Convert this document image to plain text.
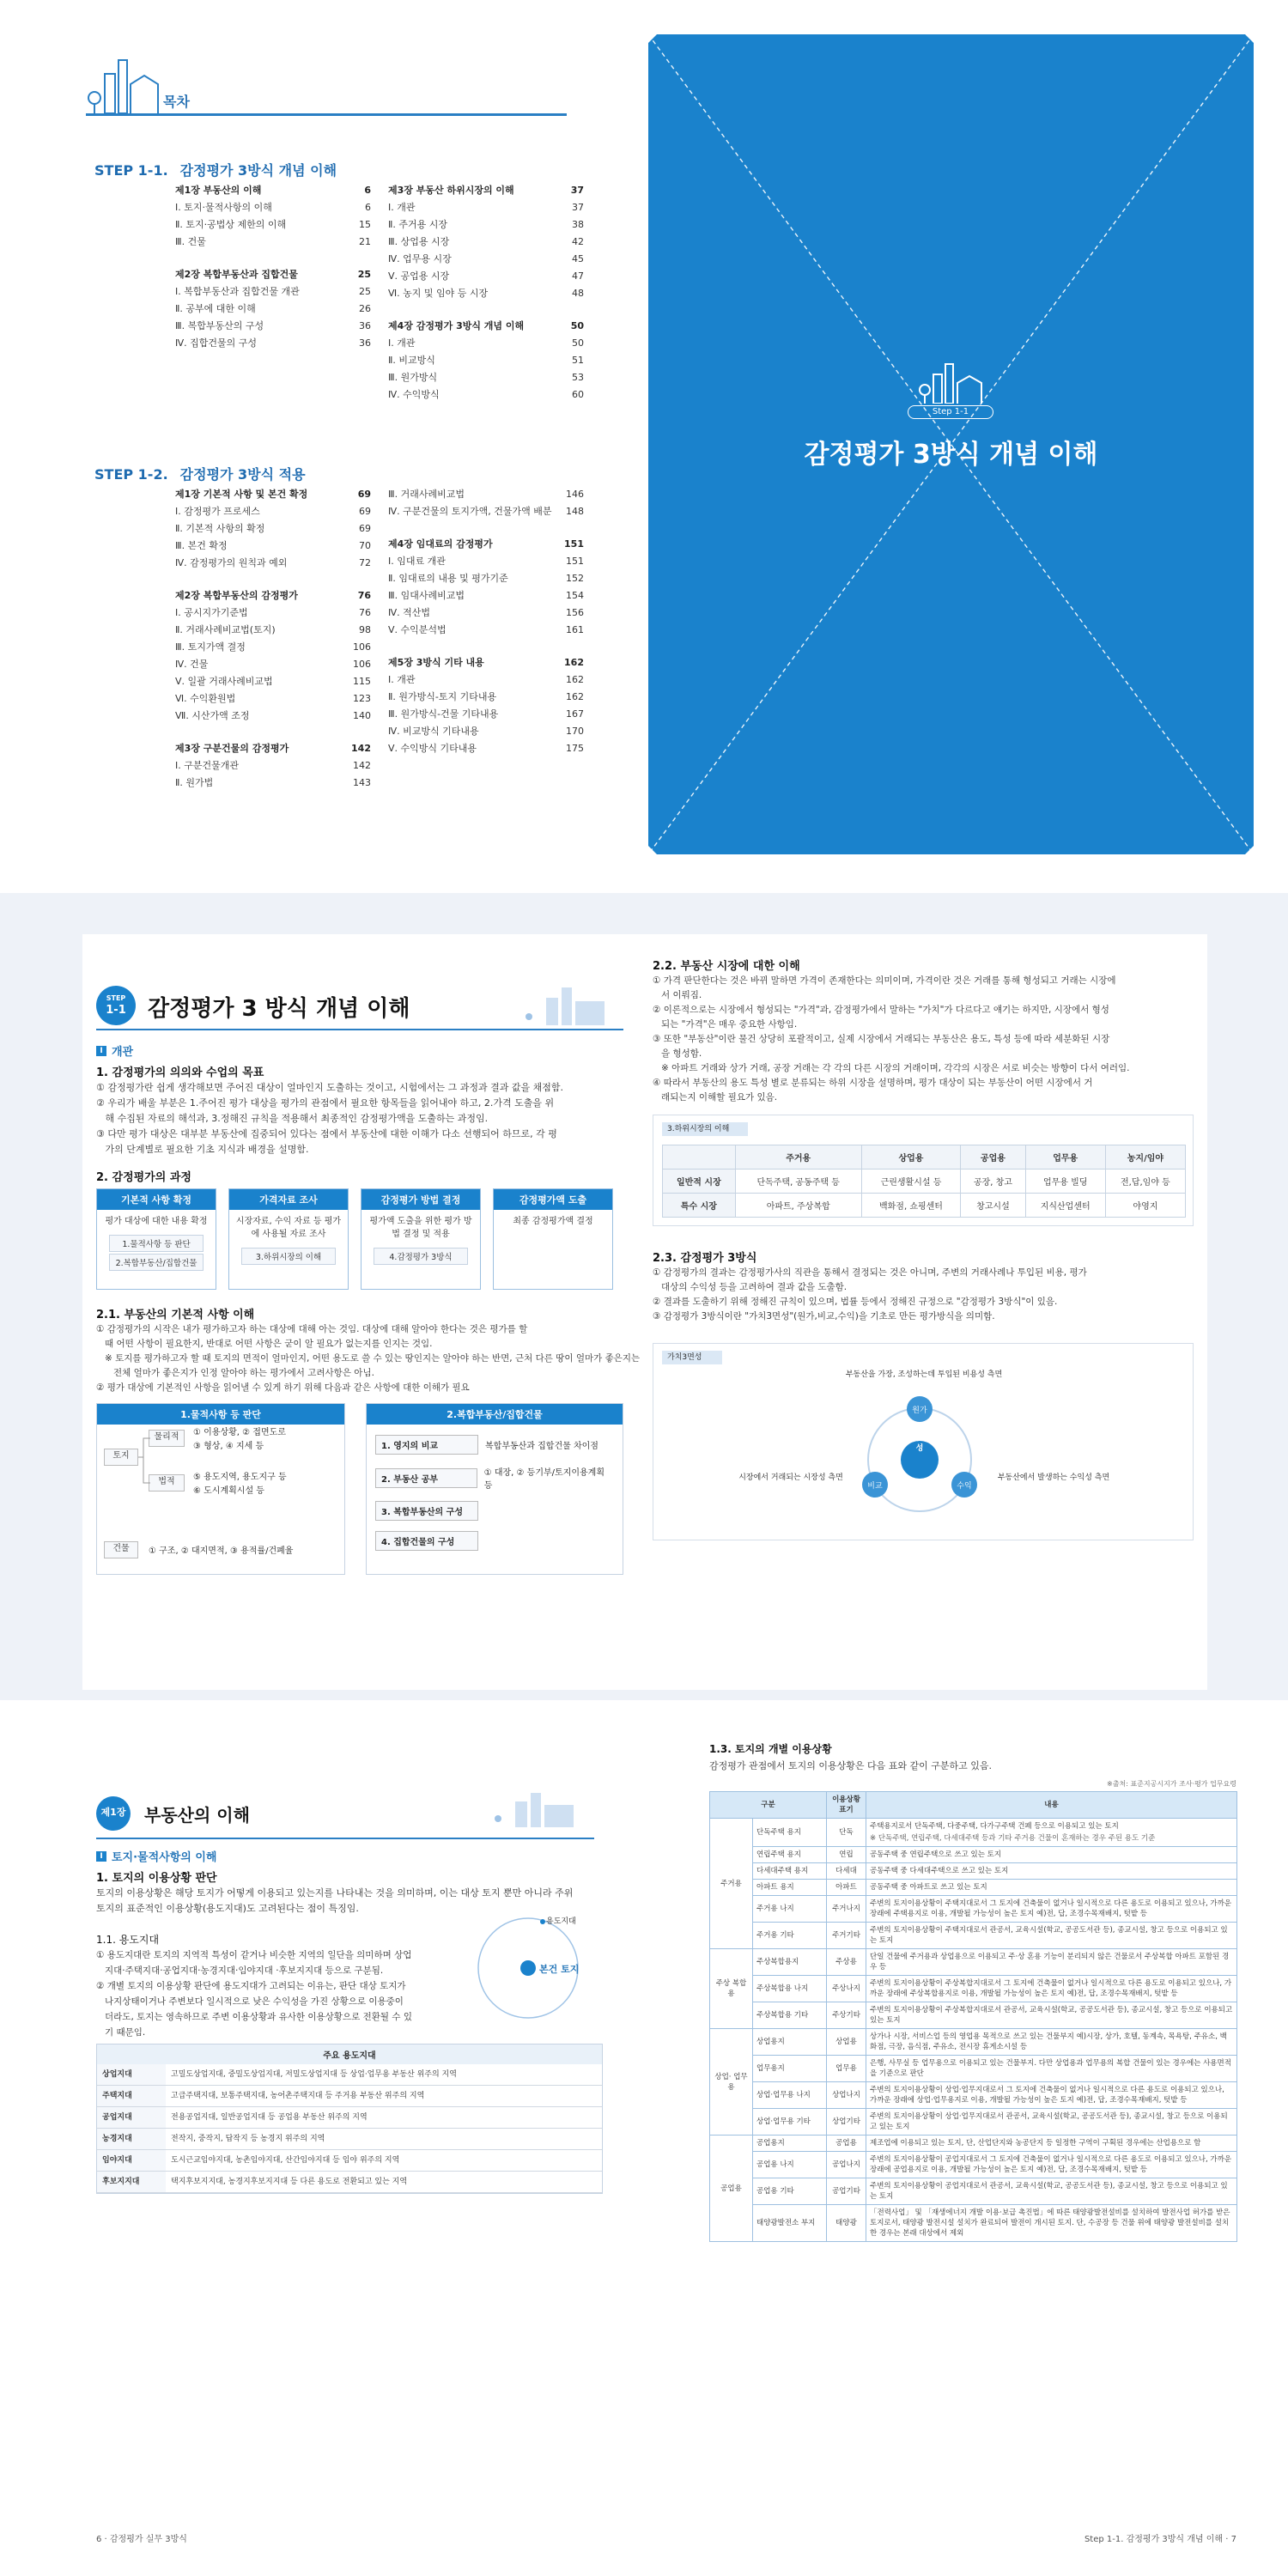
목차
STEP 1-1. 감정평가 3방식 개념 이해
제1장 부동산의 이해	6
Ⅰ. 토지·물적사항의 이해	6
Ⅱ. 토지·공법상 제한의 이해	15
Ⅲ. 건물	21
제2장 복합부동산과 집합건물	25
Ⅰ. 복합부동산과 집합건물 개관	25
Ⅱ. 공부에 대한 이해	26
Ⅲ. 복합부동산의 구성	36
Ⅳ. 집합건물의 구성	36
제3장 부동산 하위시장의 이해	37
Ⅰ. 개관	37
Ⅱ. 주거용 시장	38
Ⅲ. 상업용 시장	42
Ⅳ. 업무용 시장	45
Ⅴ. 공업용 시장	47
Ⅵ. 농지 및 임야 등 시장	48
제4장 감정평가 3방식 개념 이해	50
Ⅰ. 개관	50
Ⅱ. 비교방식	51
Ⅲ. 원가방식	53
Ⅳ. 수익방식	60
STEP 1-2. 감정평가 3방식 적용
제1장 기본적 사항 및 본건 확정	69
Ⅰ. 감정평가 프로세스	69
Ⅱ. 기본적 사항의 확정	69
Ⅲ. 본건 확정	70
Ⅳ. 감정평가의 원칙과 예외	72
제2장 복합부동산의 감정평가	76
Ⅰ. 공시지가기준법	76
Ⅱ. 거래사례비교법(토지)	98
Ⅲ. 토지가액 결정	106
Ⅳ. 건물	106
Ⅴ. 일괄 거래사례비교법	115
Ⅵ. 수익환원법	123
Ⅶ. 시산가액 조정	140
제3장 구분건물의 감정평가	142
Ⅰ. 구분건물개관	142
Ⅱ. 원가법	143
Ⅲ. 거래사례비교법	146
Ⅳ. 구분건물의 토지가액, 건물가액 배분 148
제4장 임대료의 감정평가	151
Ⅰ. 임대료 개관	151
Ⅱ. 임대료의 내용 및 평가기준	152
Ⅲ. 임대사례비교법	154
Ⅳ. 적산법	156
Ⅴ. 수익분석법	161
제5장 3방식 기타 내용	162
Ⅰ. 개관	162
Ⅱ. 원가방식-토지 기타내용	162
Ⅲ. 원가방식-건물 기타내용	167
Ⅳ. 비교방식 기타내용	170
Ⅴ. 수익방식 기타내용	175
Step 1-1
감정평가 3방식 개념 이해
STEP
1-1 감정평가 3 방식 개념 이해
I 개관
1. 감정평가의 의의와 수업의 목표

① 감정평가란 쉽게 생각해보면 주어진 대상이 얼마인지 도출하는 것이고, 시험에서는 그 과정과 결과 값을 채점함.

② 우리가 배울 부분은 1.주어진 평가 대상을 평가의 관점에서 필요한 항목들을 읽어내야 하고, 2.가격 도출을 위

해 수집된 자료의 해석과, 3.정해진 규칙을 적용해서 최종적인 감정평가액을 도출하는 과정임.

③ 다만 평가 대상은 대부분 부동산에 집중되어 있다는 점에서 부동산에 대한 이해가 다소 선행되어 하므로, 각 평

가의 단계별로 필요한 기초 지식과 배경을 설명함.

2. 감정평가의 과정
기본적 사항 확정
평가 대상에 대한 내용 확정
1.물적사항 등 판단
2.복합부동산/집합건물
가격자료 조사
시장자료, 수익 자료 등 평가에 사용될 자료 조사
3.하위시장의 이해
감정평가 방법 결정
평가액 도출을 위한 평가 방법 결정 및 적용
4.감정평가 3방식
감정평가액 도출
최종 감정평가액 결정
2.1. 부동산의 기본적 사항 이해

① 감정평가의 시작은 내가 평가하고자 하는 대상에 대해 아는 것임. 대상에 대해 알아야 한다는 것은 평가를 할

때 어떤 사항이 필요한지, 반대로 어떤 사항은 굳이 알 필요가 없는지를 인지는 것임.

※ 토지를 평가하고자 할 때 토지의 면적이 얼마인지, 어떤 용도로 쓸 수 있는 땅인지는 알아야 하는 반면, 근처 다른 땅이 얼마가 좋은지는

전체 얼마가 좋은지가 인정 알아야 하는 평가에서 고려사항은 아님.

② 평가 대상에 기본적인 사항을 읽어낼 수 있게 하기 위해 다음과 같은 사항에 대한 이해가 필요

1.물적사항 등 판단
토지
물리적
법적
① 이용상황, ② 접면도로
③ 형상, ④ 지세 등
⑤ 용도지역, 용도지구 등
⑥ 도시계획시설 등
건물	① 구조, ② 대지면적, ③ 용적률/건폐율
2.복합부동산/집합건물
1. 영지의 비교	복합부동산과 집합건물 차이점
2. 부동산 공부
① 대장, ② 등기부/토지이용계획 등
3. 복합부동산의 구성
4. 집합건물의 구성
2.2. 부동산 시장에 대한 이해

① 가격 판단한다는 것은 바뀌 말하면 가격이 존재한다는 의미이며, 가격이란 것은 거래를 통해 형성되고 거래는 시장에

서 이뤄짐.

② 이론적으로는 시장에서 형성되는 "가격"과, 감정평가에서 말하는 "가치"가 다르다고 얘기는 하지만, 시장에서 형성

되는 "가격"은 매우 중요한 사항임.

③ 또한 "부동산"이란 물건 상당히 포괄적이고, 실제 시장에서 거래되는 부동산은 용도, 특성 등에 따라 세분화된 시장

을 형성함.

※ 아파트 거래와 상가 거래, 공장 거래는 각 각의 다른 시장의 거래이며, 각각의 시장은 서로 비슷는 방향이 다서 여러임.

④ 따라서 부동산의 용도 특성 별로 분류되는 하위 시장을 설명하며, 평가 대상이 되는 부동산이 어떤 시장에서 거

래되는지 이해할 필요가 있음.

3.하위시장의 이해
	주거용	상업용	공업용	업무용	농지/임야
일반적 시장	단독주택, 공동주택 등	근린생활시설 등	공장, 창고	업무용 빌딩	전,답,임야 등
특수 시장	아파트, 주상복합	백화점, 쇼핑센터	창고시설	지식산업센터	야영지
2.3. 감정평가 3방식

① 감정평가의 결과는 감정평가사의 직관을 통해서 결정되는 것은 아니며, 주변의 거래사례나 투입된 비용, 평가

대상의 수익성 등을 고려하여 결과 값을 도출함.

② 결과를 도출하기 위해 정해진 규칙이 있으며, 법률 등에서 정해진 규정으로 "감정평가 3방식"이 있음.

③ 감정평가 3방식이란 "가치3면성"(원가,비교,수익)을 기초로 만든 평가방식을 의미함.

가치3면성
가치 3면성
원가
비교	수익
부동산을 가장, 조성하는데 투입된 비용성 측면
시장에서 거래되는 시장성 측면	부동산에서 발생하는 수익성 측면
제1장 부동산의 이해
I 토지·물적사항의 이해
1. 토지의 이용상황 판단

토지의 이용상황은 해당 토지가 어떻게 이용되고 있는지를 나타내는 것을 의미하며, 이는 대상 토지 뿐만 아니라 주위

토지의 표준적인 이용상황(용도지대)도 고려된다는 점이 특징임.

1.1. 용도지대

① 용도지대란 토지의 지역적 특성이 같거나 비슷한 지역의 일단을 의미하며 상업

지대·주택지대·공업지대·농경지대·임야지대 ·후보지지대 등으로 구분됨.

② 개별 토지의 이용상황 판단에 용도지대가 고려되는 이유는, 판단 대상 토지가

나지상태이거나 주변보다 일시적으로 낮은 수익성을 가진 상황으로 이용중이

더라도, 토지는 영속하므로 주변 이용상황과 유사한 이용상황으로 전환될 수 있

기 때문임.

용도지대
본건 토지
주요 용도지대
상업지대	고밀도상업지대, 중밀도상업지대, 저밀도상업지대 등 상업·업무용 부동산 위주의 지역
주택지대	고급주택지대, 보통주택지대, 농어촌주택지대 등 주거용 부동산 위주의 지역
공업지대	전용공업지대, 일반공업지대 등 공업용 부동산 위주의 지역
농경지대	전작지, 중작지, 답작지 등 농경지 위주의 지역
임야지대	도시근교임야지대, 농촌임야지대, 산간임야지대 등 임야 위주의 지역
후보지지대	택지후보지지대, 농경지후보지지대 등 다른 용도로 전환되고 있는 지역
1.3. 토지의 개별 이용상황
감정평가 관점에서 토지의 이용상황은 다음 표와 같이 구분하고 있음.
※출처: 표준지공시지가 조사·평가 업무요령
구분		이용상황 표기	내용
주거용	단독주택 용지	단독	주택용지로서 단독주택, 다중주택, 다가구주택 건폐 등으로 이용되고 있는 토지
※ 단독주택, 연립주택, 다세대주택 등과 기타 주거용 건물이 혼재하는 경우 주된 용도 기준

	연립주택 용지	연립	공동주택 중 연립주택으로 쓰고 있는 토지
	다세대주택 용지	다세대	공동주택 중 다세대주택으로 쓰고 있는 토지
	아파트 용지	아파트	공동주택 중 아파트로 쓰고 있는 토지
	주거용 나지	주거나지	주변의 토지이용상황이 주택지대로서 그 토지에 건축물이 없거나 일시적으로 다른 용도로 이용되고 있으나, 가까운 장래에 주택용지로 이용, 개발될 가능성이 높은 토지 예)전, 답, 조경수목재배지, 텃밭 등
	주거용 기타	주거기타	주변의 토지이용상황이 주택지대로서 관공서, 교육시설(학교, 공공도서관 등), 종교시설, 창고 등으로 이용되고 있는 토지
주상 복합용	주상복합용지	주상용	단일 건물에 주거용과 상업용으로 이용되고 주·상 혼용 기능이 분리되지 않은 건물로서 주상복합 아파트 포함된 경우 등
	주상복합용 나지	주상나지	주변의 토지이용상황이 주상복합지대로서 그 토지에 건축물이 없거나 일시적으로 다른 용도로 이용되고 있으나, 가까운 장래에 주상복합용지로 이용, 개발될 가능성이 높은 토지 예)전, 답, 조경수목재배지, 텃밭 등
	주상복합용 기타	주상기타	주변의 토지이용상황이 주상복합지대로서 관공서, 교육시설(학교, 공공도서관 등), 종교시설, 창고 등으로 이용되고 있는 토지
상업· 업무용	상업용지	상업용	상가나 시장, 서비스업 등의 영업용 목적으로 쓰고 있는 건물부지 예)시장, 상가, 호텔, 동계속, 목욕탕, 주유소, 백화점, 극장, 음식점, 주유소, 전시장 휴게소시설 등
	업무용지	업무용	은행, 사무실 등 업무용으로 이용되고 있는 건물부지. 다만 상업용과 업무용의 복합 건물이 있는 경우에는 사용면적을 기준으로 판단
	상업·업무용 나지	상업나지	주변의 토지이용상황이 상업·업무지대로서 그 토지에 건축물이 없거나 일시적으로 다른 용도로 이용되고 있으나, 가까운 장래에 상업·업무용지로 이용, 개발될 가능성이 높은 토지 예)전, 답, 조경수목재배지, 텃밭 등
	상업·업무용 기타	상업기타	주변의 토지이용상황이 상업·업무지대로서 관공서, 교육시설(학교, 공공도서관 등), 종교시설, 창고 등으로 이용되고 있는 토지
공업용	공업용지	공업용	제조업에 이용되고 있는 토지, 단, 산업단지와 농공단지 등 일정한 구역이 구획된 경우에는 산업용으로 함
	공업용 나지	공업나지	주변의 토지이용상황이 공업지대로서 그 토지에 건축물이 없거나 일시적으로 다른 용도로 이용되고 있으나, 가까운 장래에 공업용지로 이용, 개발될 가능성이 높은 토지 예)전, 답, 조경수목재배지, 텃밭 등
	공업용 기타	공업기타	주변의 토지이용상황이 공업지대로서 관공서, 교육시설(학교, 공공도서관 등), 종교시설, 창고 등으로 이용되고 있는 토지
	태양광발전소 부지	태양광	「전력사업」 및 「재생에너지 개발 이용·보급 촉진법」에 따른 태양광발전설비를 설치하여 발전사업 허가를 받은 토지로서, 태양광 발전시설 설치가 완료되어 발전이 개시된 토지. 단, 수공장 등 건물 위에 태양광 발전설비를 설치한 경우는 본래 대상에서 제외
6 · 감정평가 실무 3방식	Step 1-1. 감정평가 3방식 개념 이해 · 7
